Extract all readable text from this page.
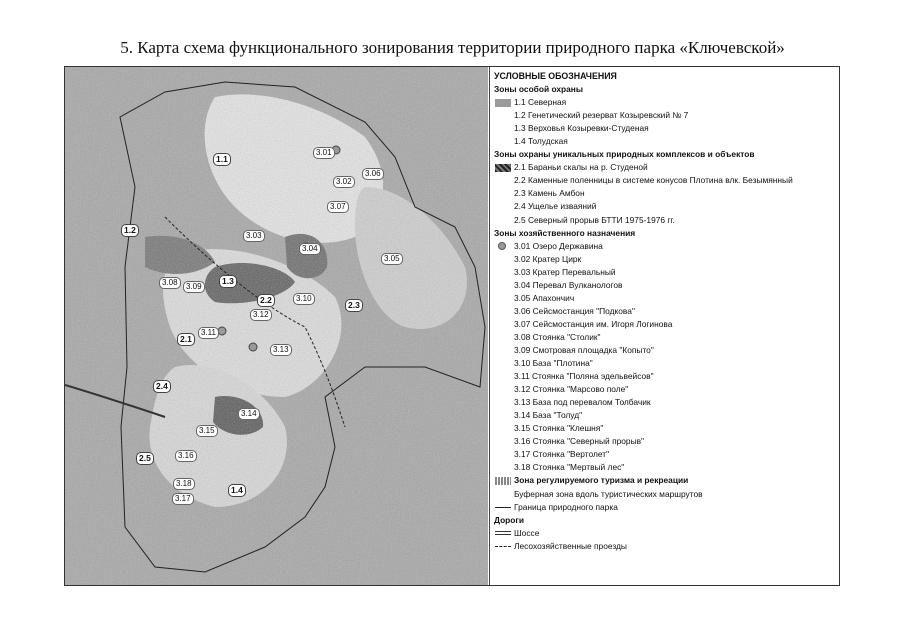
5. Карта схема функционального зонирования территории природного парка «Ключевской»
1.1
1.2
1.3
1.4
2.1
2.2	2.3
2.4
2.5
3.01
3.02
3.03
3.04
3.05
3.06
3.07
3.08	3.09
3.10
3.11
3.12
3.13
3.14
3.15
3.16
3.17
3.18
УСЛОВНЫЕ ОБОЗНАЧЕНИЯ
Зоны особой охраны
1.1 Северная
1.2 Генетический резерват Козыревский № 7
1.3 Верховья Козыревки-Студеная
1.4 Толудская
Зоны охраны уникальных природных комплексов и объектов
2.1 Бараньи скалы на р. Студеной
2.2 Каменные поленницы в системе конусов Плотина влк. Безымянный
2.3 Камень Амбон
2.4 Ущелье изваяний
2.5 Северный прорыв БТТИ 1975-1976 гг.
Зоны хозяйственного назначения
3.01 Озеро Державина
3.02 Кратер Цирк
3.03 Кратер Перевальный
3.04 Перевал Вулканологов
3.05 Апахончич
3.06 Сейсмостанция "Подкова"
3.07 Сейсмостанция им. Игоря Логинова
3.08 Стоянка "Столик"
3.09 Смотровая площадка "Копыто"
3.10 База "Плотина"
3.11 Стоянка "Поляна эдельвейсов"
3.12 Стоянка "Марсово поле"
3.13 База под перевалом Толбачик
3.14 База "Толуд"
3.15 Стоянка "Клешня"
3.16 Стоянка "Северный прорыв"
3.17 Стоянка "Вертолет"
3.18 Стоянка "Мертвый лес"
Зона регулируемого туризма и рекреации
Буферная зона вдоль туристических маршрутов
Граница природного парка
Дороги
Шоссе
Лесохозяйственные проезды
